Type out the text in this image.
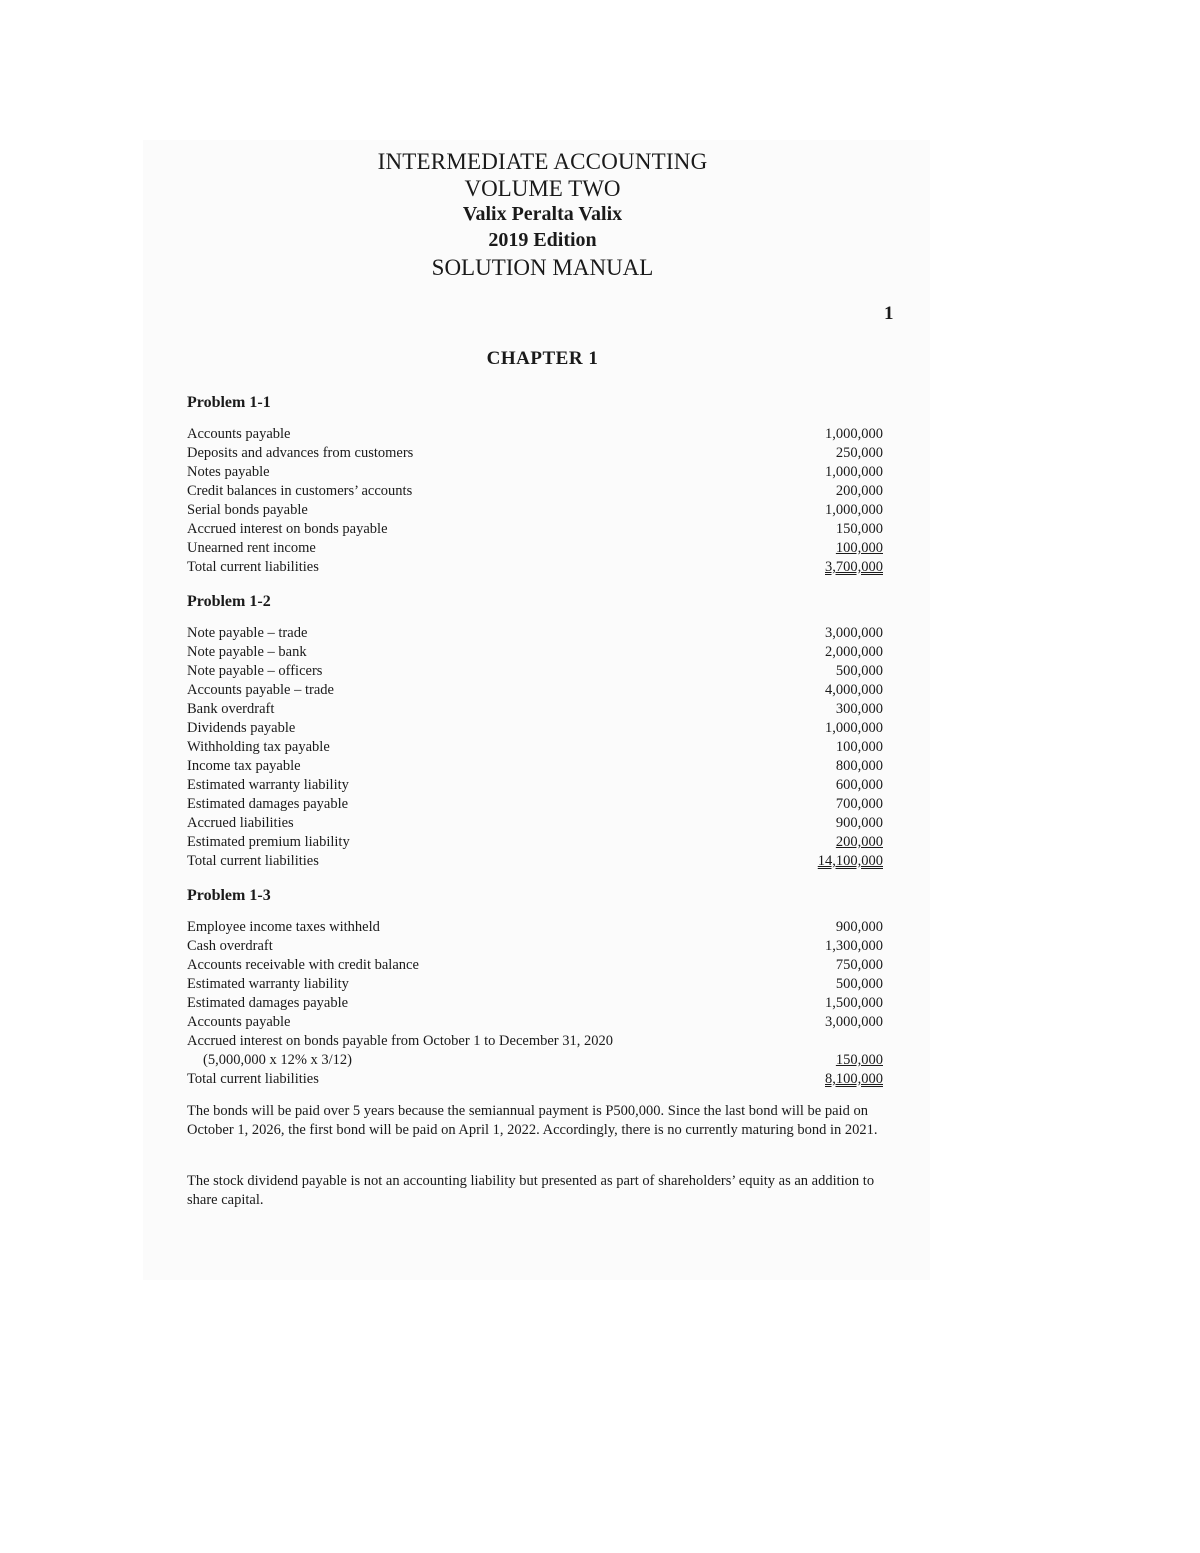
INTERMEDIATE ACCOUNTING
VOLUME TWO
Valix Peralta Valix
2019 Edition
SOLUTION MANUAL
1
CHAPTER 1
Problem 1-1
Accounts payable	1,000,000
Deposits and advances from customers	250,000
Notes payable	1,000,000
Credit balances in customers’ accounts	200,000
Serial bonds payable	1,000,000
Accrued interest on bonds payable	150,000
Unearned rent income	100,000
Total current liabilities	3,700,000
Problem 1-2
Note payable – trade	3,000,000
Note payable – bank	2,000,000
Note payable – officers	500,000
Accounts payable – trade	4,000,000
Bank overdraft	300,000
Dividends payable	1,000,000
Withholding tax payable	100,000
Income tax payable	800,000
Estimated warranty liability	600,000
Estimated damages payable	700,000
Accrued liabilities	900,000
Estimated premium liability	200,000
Total current liabilities	14,100,000
Problem 1-3
Employee income taxes withheld	900,000
Cash overdraft	1,300,000
Accounts receivable with credit balance	750,000
Estimated warranty liability	500,000
Estimated damages payable	1,500,000
Accounts payable	3,000,000
Accrued interest on bonds payable from October 1 to December 31, 2020
(5,000,000 x 12% x 3/12)	150,000
Total current liabilities	8,100,000

The bonds will be paid over 5 years because the semiannual payment is P500,000. Since the last bond will be paid on October 1, 2026, the first bond will be paid on April 1, 2022. Accordingly, there is no currently maturing bond in 2021.

The stock dividend payable is not an accounting liability but presented as part of shareholders’ equity as an addition to share capital.
